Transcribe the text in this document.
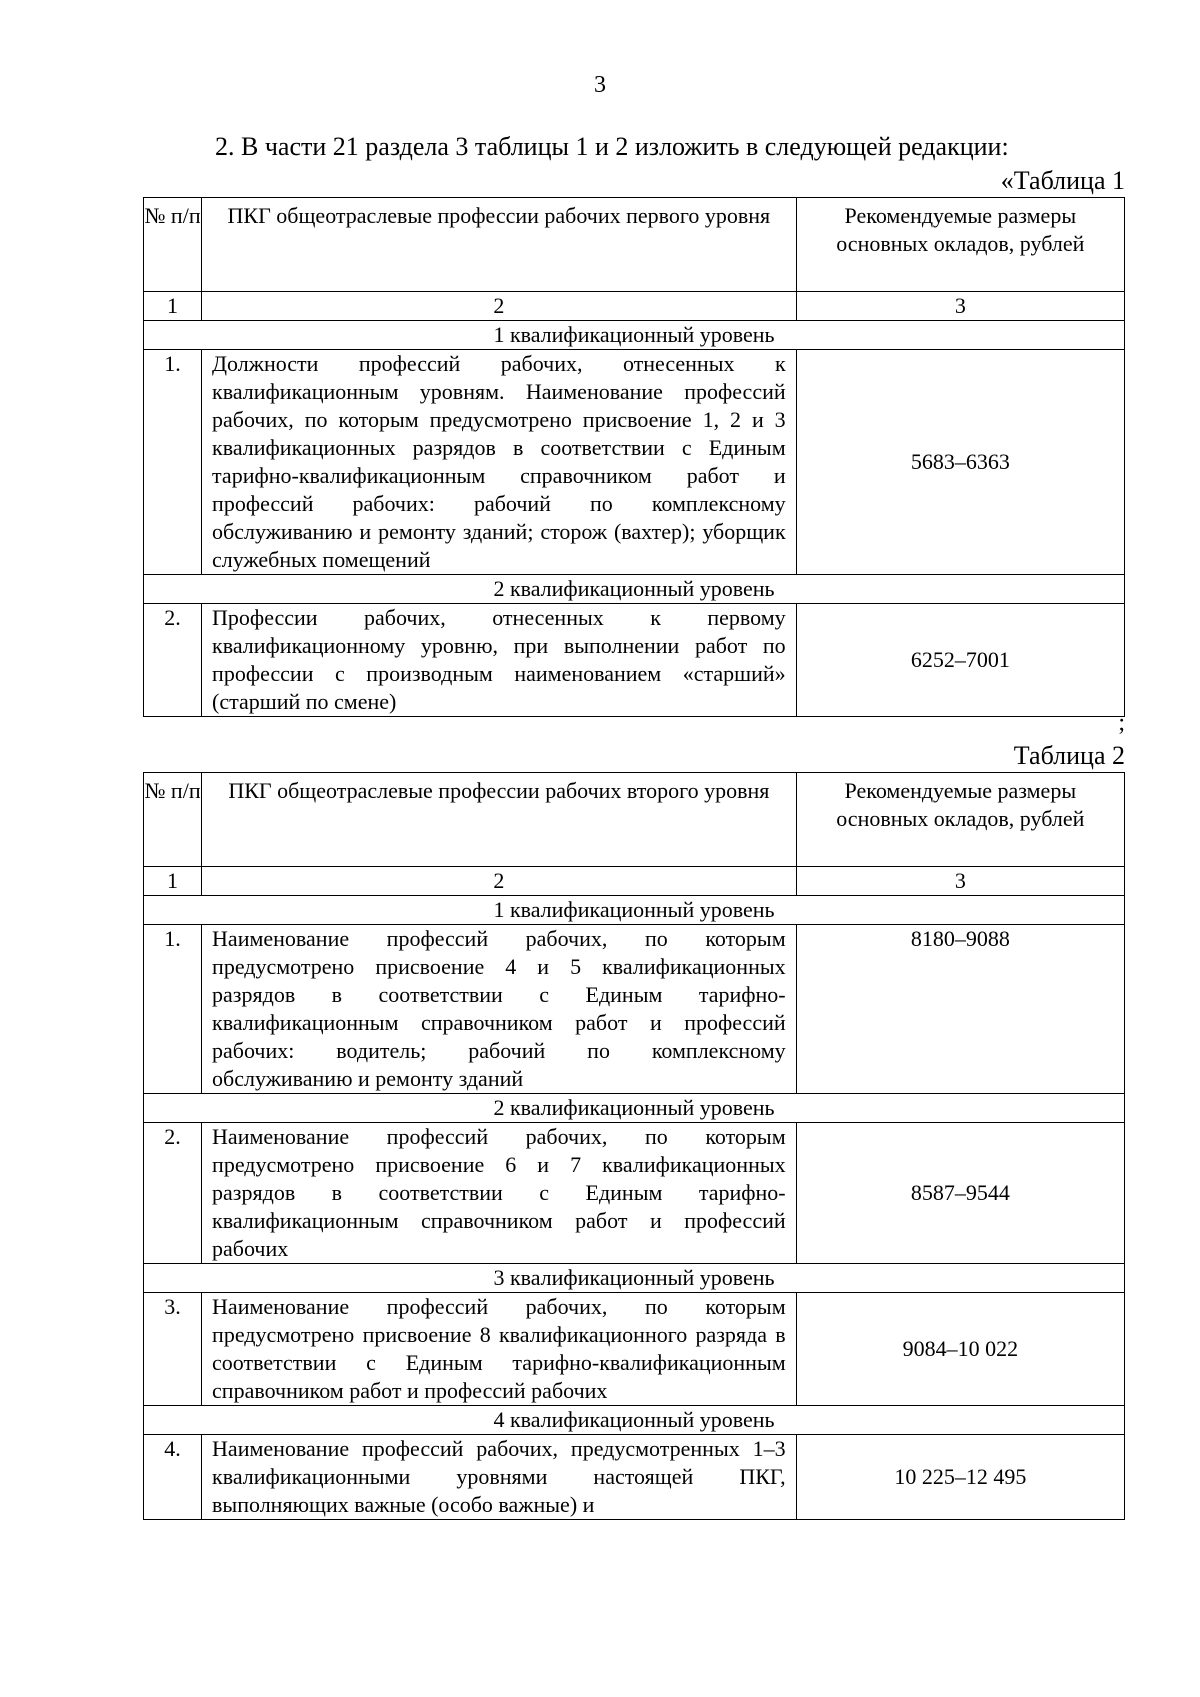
3
2. В части 21 раздела 3 таблицы 1 и 2 изложить в следующей редакции:
«Таблица 1
№ п/п	ПКГ общеотраслевые профессии рабочих первого уровня	Рекомендуемые размеры основных окладов, рублей
1	2	3
1 квалификационный уровень		
1.	Должности профессий рабочих, отнесенных к квалификационным уровням. Наименование профессий рабочих, по которым предусмотрено присвоение 1, 2 и 3 квалификационных разрядов в соответствии с Единым тарифно-квалификационным справочником работ и профессий рабочих: рабочий по комплексному обслуживанию и ремонту зданий; сторож (вахтер); уборщик служебных помещений	5683–6363
2 квалификационный уровень		
2.	Профессии рабочих, отнесенных к первому квалификационному уровню, при выполнении работ по профессии с производным наименованием «старший» (старший по смене)	6252–7001
;
Таблица 2
№ п/п	ПКГ общеотраслевые профессии рабочих второго уровня	Рекомендуемые размеры основных окладов, рублей
1	2	3
1 квалификационный уровень		
1.	Наименование профессий рабочих, по которым предусмотрено присвоение 4 и 5 квалификационных разрядов в соответствии с Единым тарифно-квалификационным справочником работ и профессий рабочих: водитель; рабочий по комплексному обслуживанию и ремонту зданий	8180–9088
2 квалификационный уровень		
2.	Наименование профессий рабочих, по которым предусмотрено присвоение 6 и 7 квалификационных разрядов в соответствии с Единым тарифно-квалификационным справочником работ и профессий рабочих	8587–9544
3 квалификационный уровень		
3.	Наименование профессий рабочих, по которым предусмотрено присвоение 8 квалификационного разряда в соответствии с Единым тарифно-квалификационным справочником работ и профессий рабочих	9084–10 022
4 квалификационный уровень		
4.	Наименование профессий рабочих, предусмотренных 1–3 квалификационными уровнями настоящей ПКГ, выполняющих важные (особо важные) и	10 225–12 495
